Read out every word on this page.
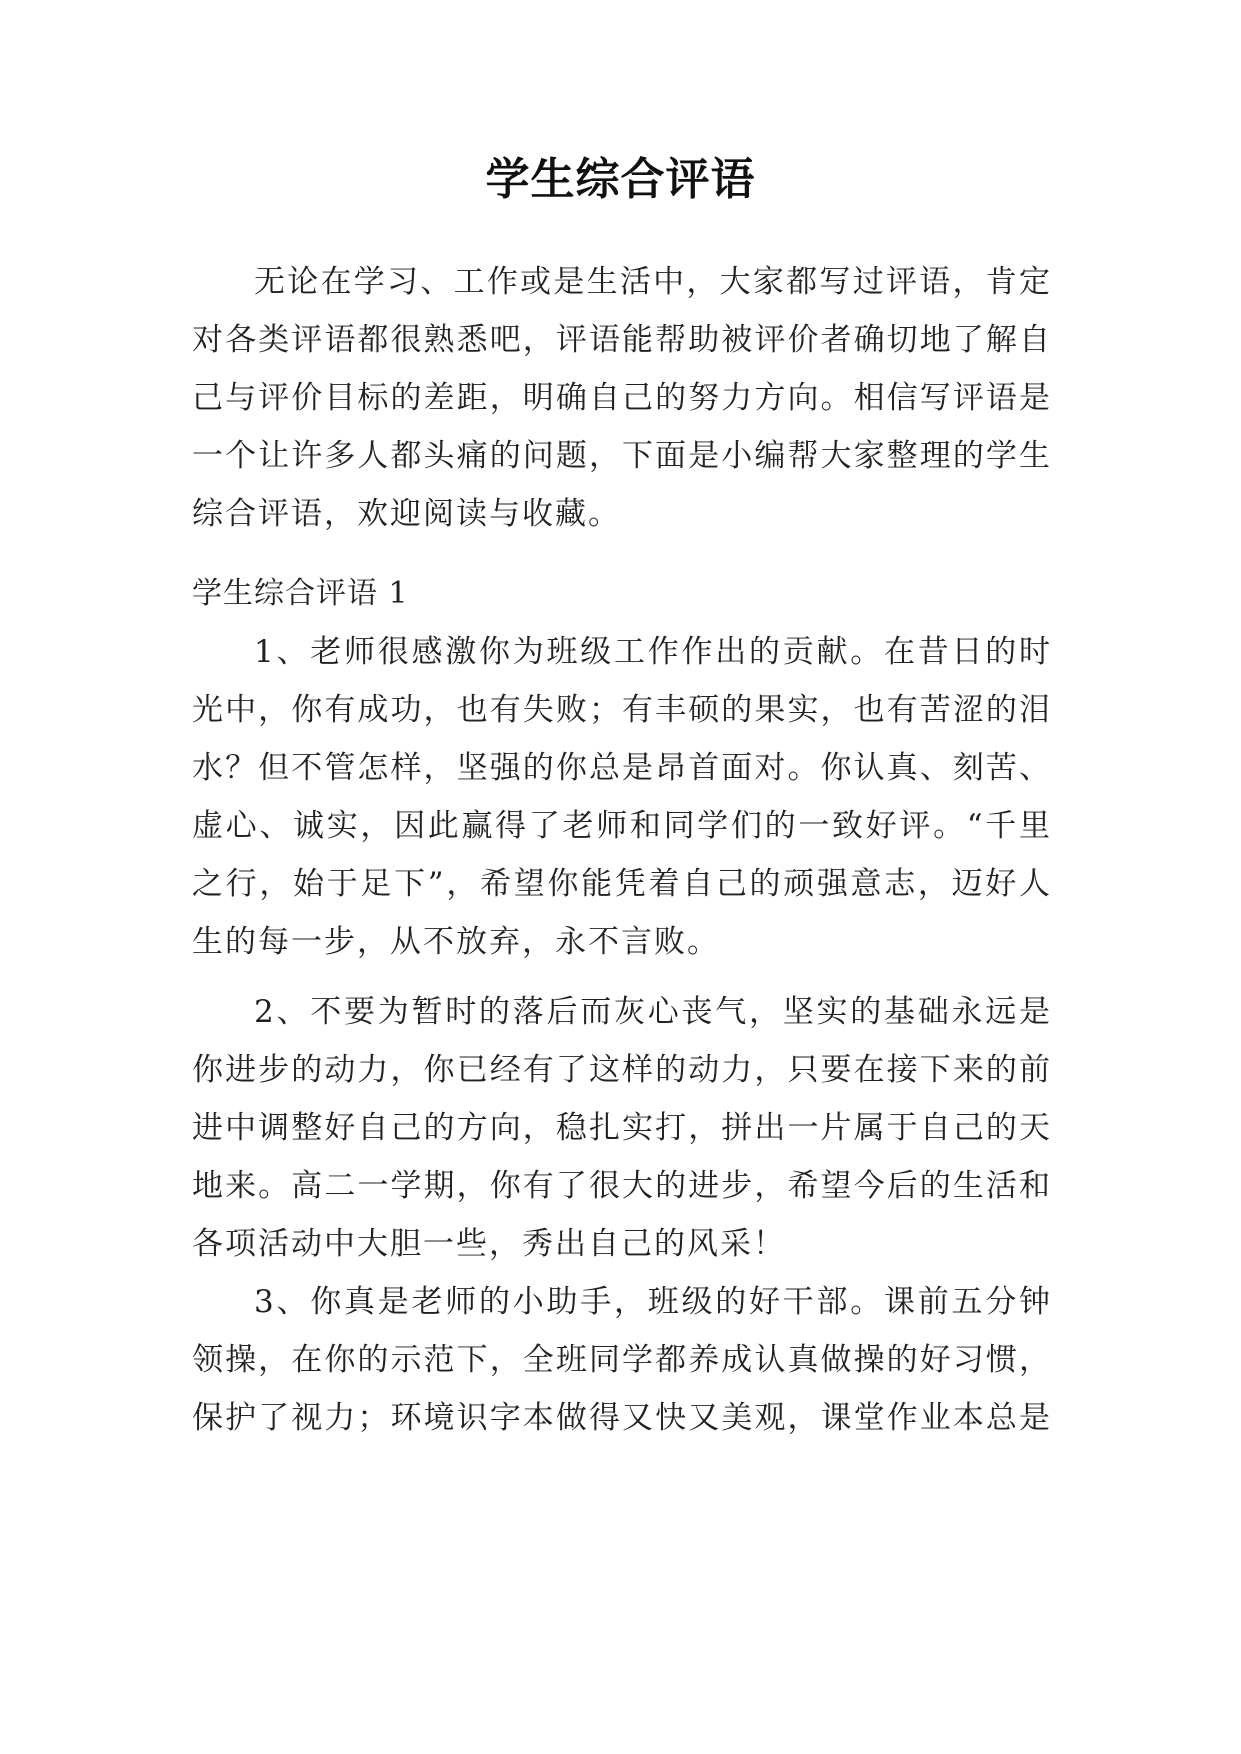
学生综合评语
无论在学习、工作或是生活中，大家都写过评语，肯定
对各类评语都很熟悉吧，评语能帮助被评价者确切地了解自
己与评价目标的差距，明确自己的努力方向。相信写评语是
一个让许多人都头痛的问题，下面是小编帮大家整理的学生
综合评语，欢迎阅读与收藏。
学生综合评语 1
1、老师很感激你为班级工作作出的贡献。在昔日的时
光中，你有成功，也有失败；有丰硕的果实，也有苦涩的泪
水？但不管怎样，坚强的你总是昂首面对。你认真、刻苦、
虚心、诚实，因此赢得了老师和同学们的一致好评。“千里
之行，始于足下”，希望你能凭着自己的顽强意志，迈好人
生的每一步，从不放弃，永不言败。
2、不要为暂时的落后而灰心丧气，坚实的基础永远是
你进步的动力，你已经有了这样的动力，只要在接下来的前
进中调整好自己的方向，稳扎实打，拼出一片属于自己的天
地来。高二一学期，你有了很大的进步，希望今后的生活和
各项活动中大胆一些，秀出自己的风采！
3、你真是老师的小助手，班级的好干部。课前五分钟
领操，在你的示范下，全班同学都养成认真做操的好习惯，
保护了视力；环境识字本做得又快又美观，课堂作业本总是
